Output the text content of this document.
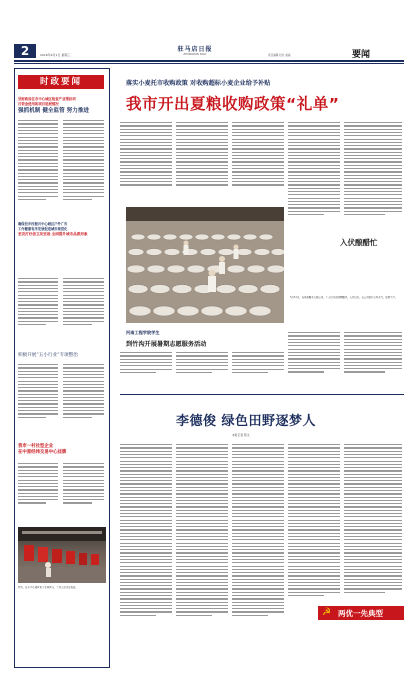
2	2016年6月1日 星期三
驻马店日报
ZHUMADIAN DAILY	责任编辑 校对 美编	要闻
时政要闻
县财政局在市中心城区检查产业帮扶项
目资金使用和项目进展情况
强抓机制 健全监管 努力推进
确保县乡村振兴中心城区户外广告
工作健康有序发展促进城市规范化
坚决打好创卫攻坚战 全面提升城市品质形象
积极开展“五小行业”专项整治
我市一村社型企业
在中原经纬交易中心挂牌
图为，在市中心城区某工业园区内，工作人员正在检查。
落实小麦托市收购政策 对收购超标小麦企业给予补贴
我市开出夏粮收购政策“礼单”
入伏酿醋忙
5月31日，在某某醋业有限公司，工人们正在晾晒醋坯。入伏以来，该公司抓住有利天气，加紧生产。
河南工程学院学生
到竹沟开展暑期志愿服务活动
李德俊 绿色田野逐梦人
本报记者 陈文
☭ 两优一先典型
